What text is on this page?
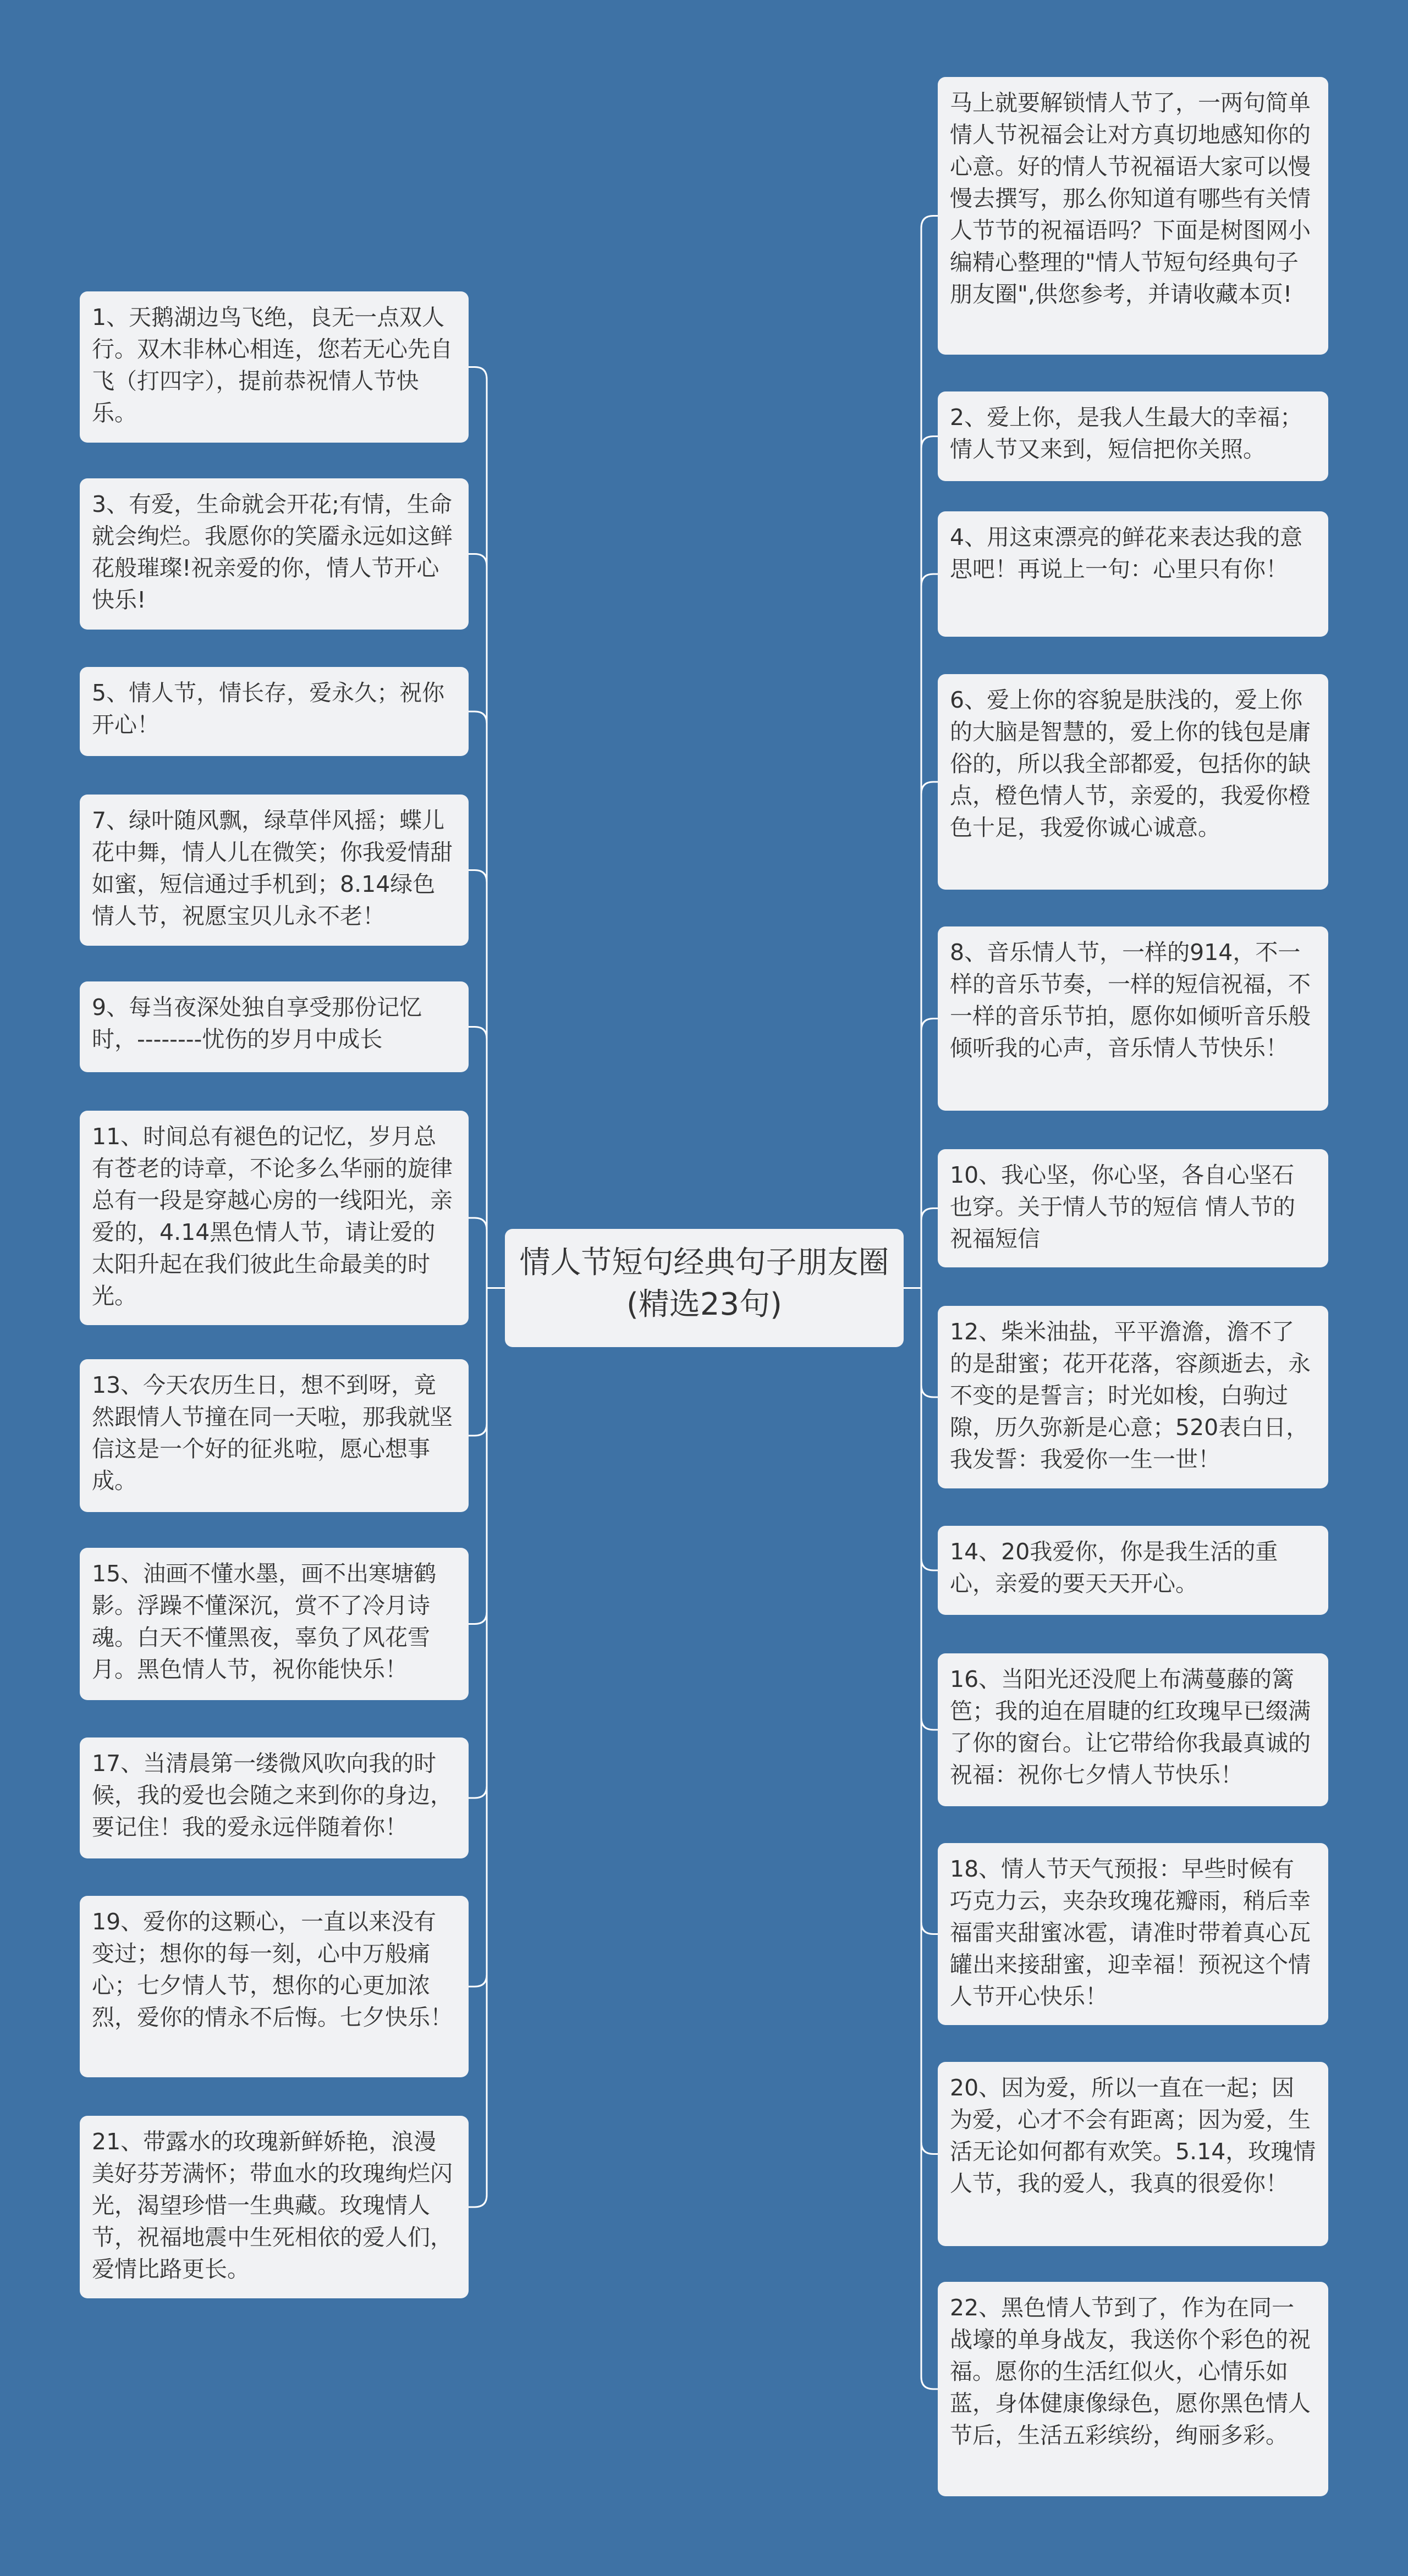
情人节短句经典句子朋友圈(精选23句)
1、天鹅湖边鸟飞绝，良无一点双人行。双木非林心相连，您若无心先自飞（打四字），提前恭祝情人节快乐。
3、有爱，生命就会开花;有情，生命就会绚烂。我愿你的笑靥永远如这鲜花般璀璨!祝亲爱的你，情人节开心快乐!
5、情人节，情长存，爱永久；祝你开心！
7、绿叶随风飘，绿草伴风摇；蝶儿花中舞，情人儿在微笑；你我爱情甜如蜜，短信通过手机到；8.14绿色情人节，祝愿宝贝儿永不老！
9、每当夜深处独自享受那份记忆时，--------忧伤的岁月中成长
11、时间总有褪色的记忆，岁月总有苍老的诗章，不论多么华丽的旋律总有一段是穿越心房的一线阳光，亲爱的，4.14黑色情人节，请让爱的太阳升起在我们彼此生命最美的时光。
13、今天农历生日，想不到呀，竟然跟情人节撞在同一天啦，那我就坚信这是一个好的征兆啦，愿心想事成。
15、油画不懂水墨，画不出寒塘鹤影。浮躁不懂深沉，赏不了冷月诗魂。白天不懂黑夜，辜负了风花雪月。黑色情人节，祝你能快乐！
17、当清晨第一缕微风吹向我的时候，我的爱也会随之来到你的身边，要记住！我的爱永远伴随着你！
19、爱你的这颗心，一直以来没有变过；想你的每一刻，心中万般痛心；七夕情人节，想你的心更加浓烈，爱你的情永不后悔。七夕快乐！
21、带露水的玫瑰新鲜娇艳，浪漫美好芬芳满怀；带血水的玫瑰绚烂闪光，渴望珍惜一生典藏。玫瑰情人节，祝福地震中生死相依的爱人们，爱情比路更长。
马上就要解锁情人节了，一两句简单情人节祝福会让对方真切地感知你的心意。好的情人节祝福语大家可以慢慢去撰写，那么你知道有哪些有关情人节节的祝福语吗？下面是树图网小编精心整理的"情人节短句经典句子朋友圈",供您参考，并请收藏本页!
2、爱上你，是我人生最大的幸福；情人节又来到，短信把你关照。
4、用这束漂亮的鲜花来表达我的意思吧！再说上一句：心里只有你！
6、爱上你的容貌是肤浅的，爱上你的大脑是智慧的，爱上你的钱包是庸俗的，所以我全部都爱，包括你的缺点，橙色情人节，亲爱的，我爱你橙色十足，我爱你诚心诚意。
8、音乐情人节，一样的914，不一样的音乐节奏，一样的短信祝福，不一样的音乐节拍，愿你如倾听音乐般倾听我的心声，音乐情人节快乐！
10、我心坚，你心坚，各自心坚石也穿。关于情人节的短信 情人节的祝福短信
12、柴米油盐，平平澹澹，澹不了的是甜蜜；花开花落，容颜逝去，永不变的是誓言；时光如梭，白驹过隙，历久弥新是心意；520表白日，我发誓：我爱你一生一世！
14、20我爱你，你是我生活的重心，亲爱的要天天开心。
16、当阳光还没爬上布满蔓藤的篱笆；我的迫在眉睫的红玫瑰早已缀满了你的窗台。让它带给你我最真诚的祝福：祝你七夕情人节快乐！
18、情人节天气预报：早些时候有巧克力云，夹杂玫瑰花瓣雨，稍后幸福雷夹甜蜜冰雹，请准时带着真心瓦罐出来接甜蜜，迎幸福！预祝这个情人节开心快乐！
20、因为爱，所以一直在一起；因为爱，心才不会有距离；因为爱，生活无论如何都有欢笑。5.14，玫瑰情人节，我的爱人，我真的很爱你！
22、黑色情人节到了，作为在同一战壕的单身战友，我送你个彩色的祝福。愿你的生活红似火，心情乐如蓝，身体健康像绿色，愿你黑色情人节后，生活五彩缤纷，绚丽多彩。
